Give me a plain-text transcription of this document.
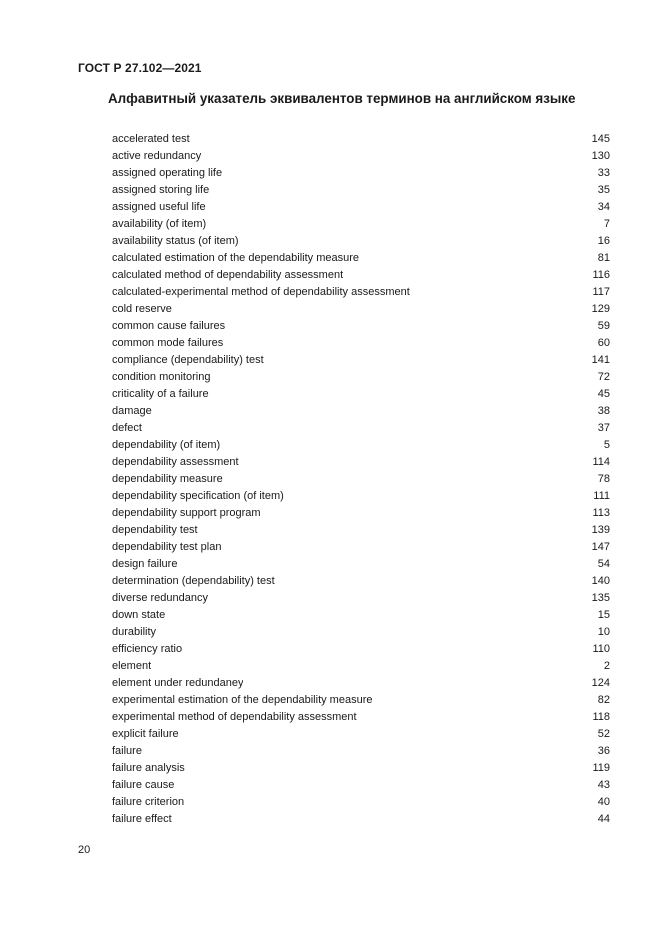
ГОСТ Р 27.102—2021
Алфавитный указатель эквивалентов терминов на английском языке
accelerated test	145
active redundancy	130
assigned operating life	33
assigned storing life	35
assigned useful life	34
availability (of item)	7
availability status (of item)	16
calculated estimation of the dependability measure	81
calculated method of dependability assessment	116
calculated-experimental method of dependability assessment	117
cold reserve	129
common cause failures	59
common mode failures	60
compliance (dependability) test	141
condition monitoring	72
criticality of a failure	45
damage	38
defect	37
dependability (of item)	5
dependability assessment	114
dependability measure	78
dependability specification (of item)	111
dependability support program	113
dependability test	139
dependability test plan	147
design failure	54
determination (dependability) test	140
diverse redundancy	135
down state	15
durability	10
efficiency ratio	110
element	2
element under redundaney	124
experimental estimation of the dependability measure	82
experimental method of dependability assessment	118
explicit failure	52
failure	36
failure analysis	119
failure cause	43
failure criterion	40
failure effect	44
20
